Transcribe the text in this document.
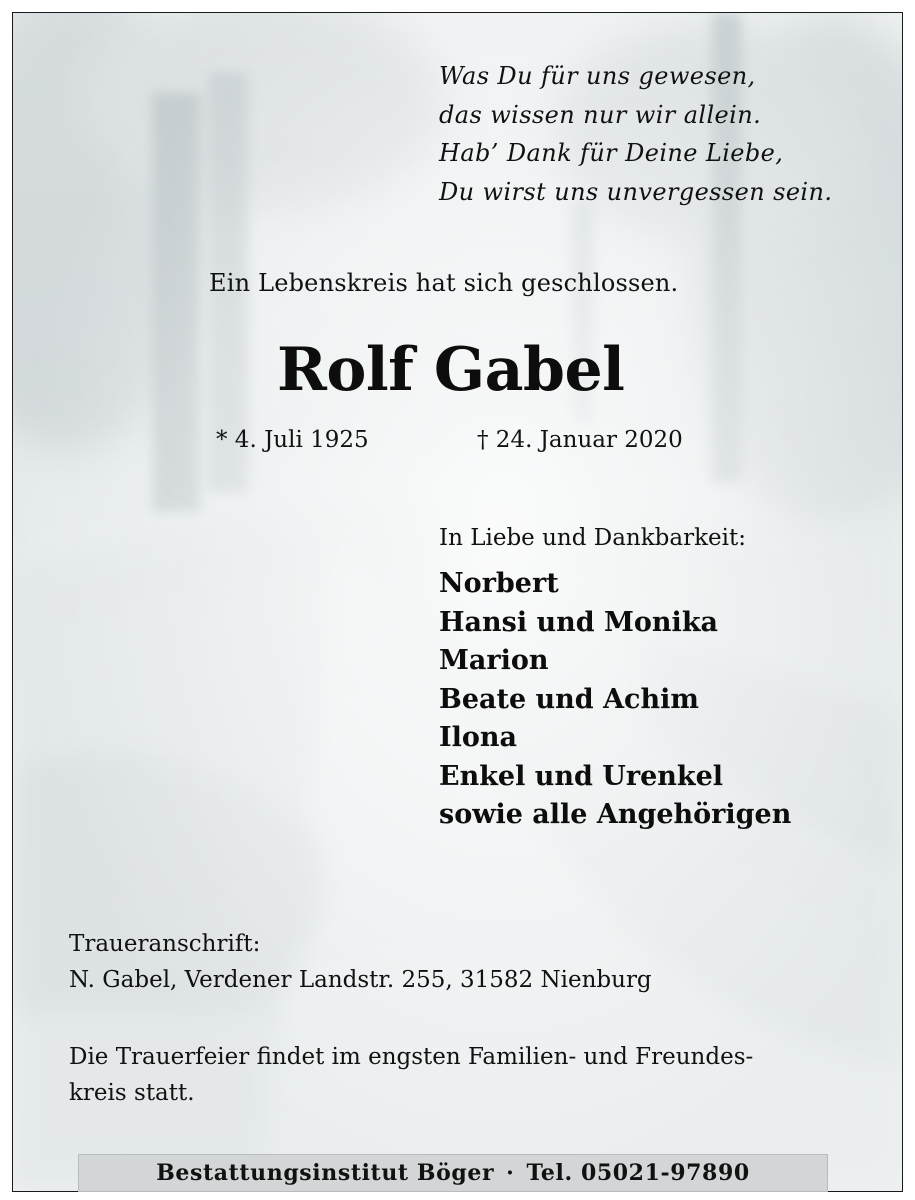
Was Du für uns gewesen,
das wissen nur wir allein.
Hab’ Dank für Deine Liebe,
Du wirst uns unvergessen sein.
Ein Lebenskreis hat sich geschlossen.
Rolf Gabel
* 4. Juli 1925	† 24. Januar 2020
In Liebe und Dankbarkeit:
Norbert
Hansi und Monika
Marion
Beate und Achim
Ilona
Enkel und Urenkel
sowie alle Angehörigen
Traueranschrift:
N. Gabel, Verdener Landstr. 255, 31582 Nienburg
Die Trauerfeier findet im engsten Familien- und Freundes-
kreis statt.
Bestattungsinstitut Böger · Tel. 05021-97890
